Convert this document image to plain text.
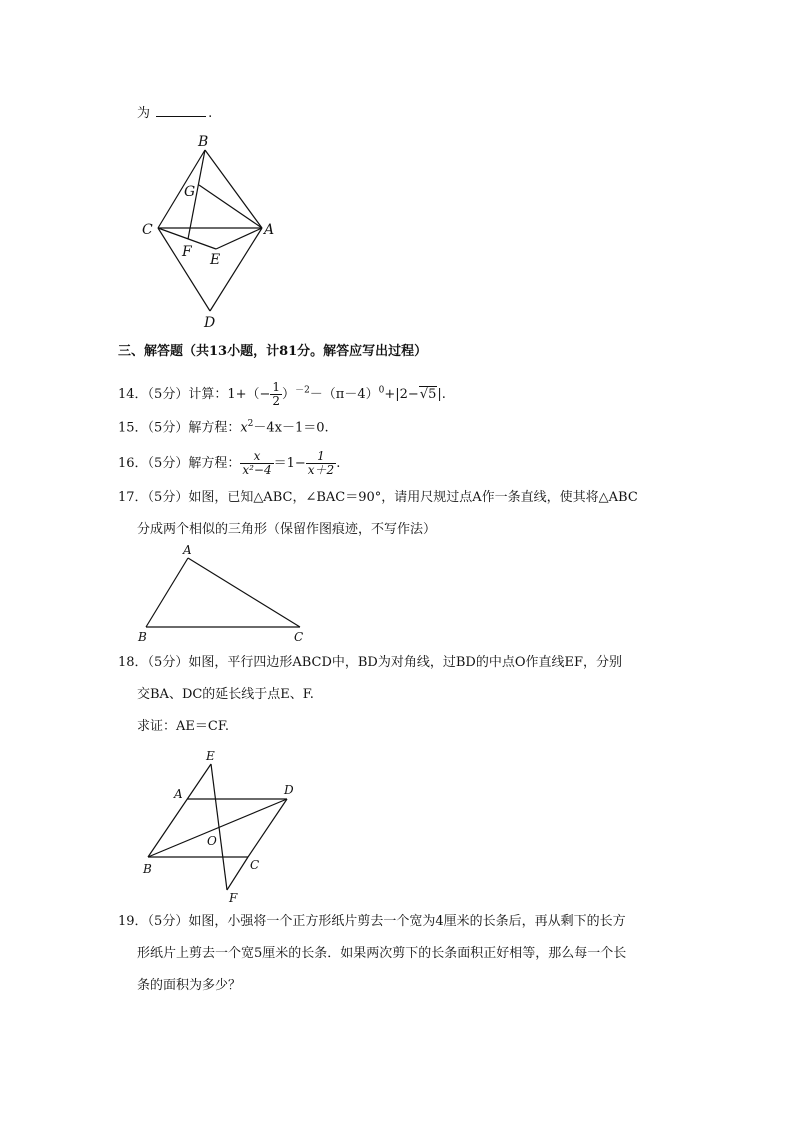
为	.
B
G
C	A
F E
D
三、解答题（共13小题，计81分。解答应写出过程）
14．（5分）计算：$1+(- \frac{1}{2} )^{-2}-(\pi-4)^0+|2-√5|$.
15．（5分）解方程：$x^2-4x-1=0$.
16．（5分）解方程： $\frac{x}{\text{x²−4}} =1- \frac{1}{x+2}$ .
17．（5分）如图，已知△ABC，∠BAC＝90°，请用尺规过点A作一条直线，使其将△ABC
分成两个相似的三角形（保留作图痕迹，不写作法）
A
B	C
18．（5分）如图，平行四边形ABCD中，BD为对角线，过BD的中点O作直线EF，分别
交BA、DC的延长线于点E、F.
求证：AE＝CF.
E
A	D
O
B	C
F
19．（5分）如图，小强将一个正方形纸片剪去一个宽为4厘米的长条后，再从剩下的长方
形纸片上剪去一个宽5厘米的长条．如果两次剪下的长条面积正好相等，那么每一个长
条的面积为多少？
